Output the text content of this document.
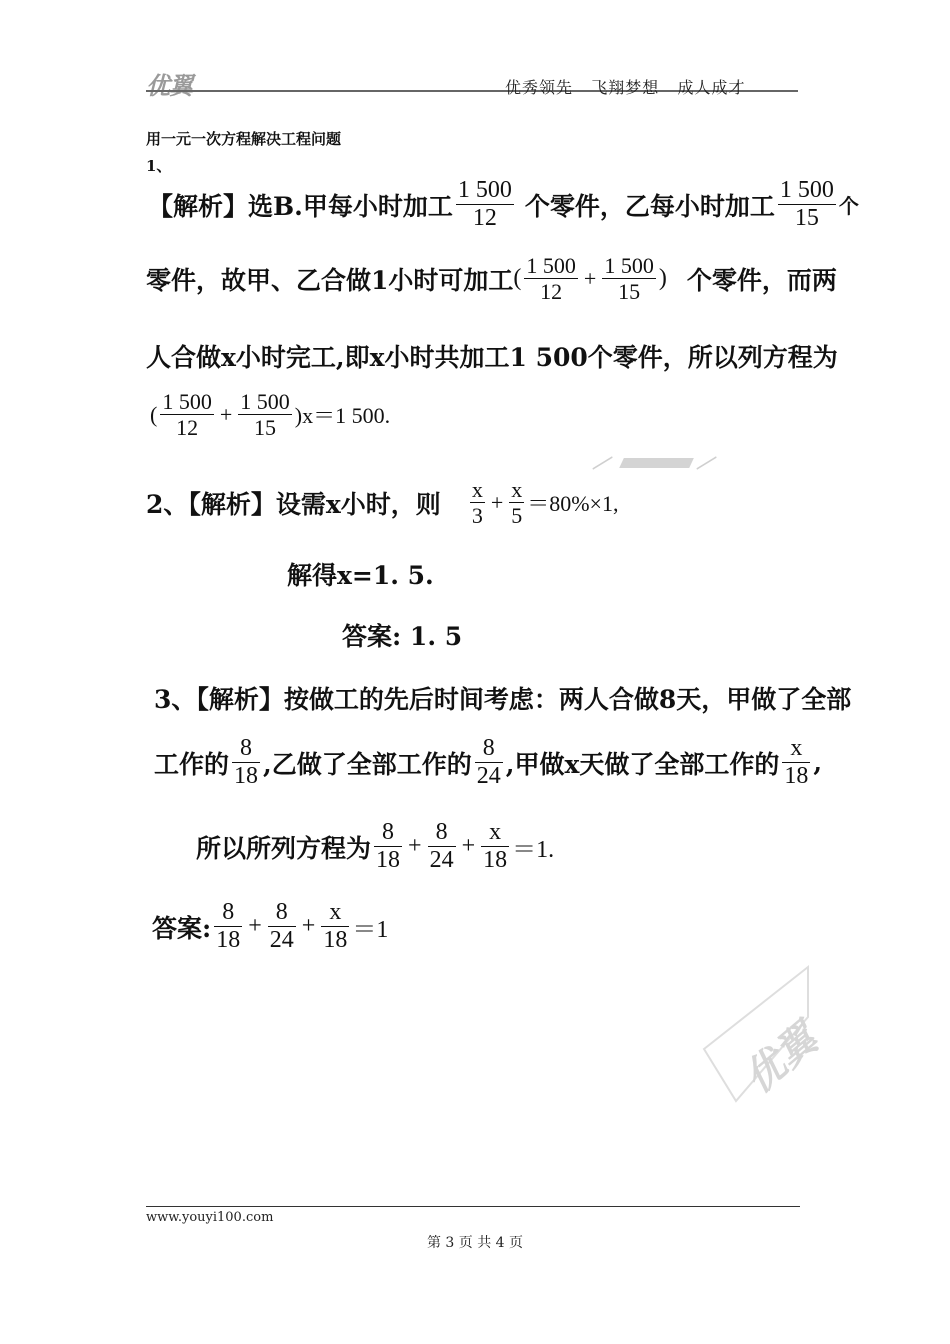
优翼	优秀领先   飞翔梦想   成人成才
用一元一次方程解决工程问题
1、
【解析】选B.甲每小时加工 $\frac{1 500}{12}$ 个零件，乙每小时加工 $\frac{1 500}{15}$ 个
零件，故甲、乙合做1小时可加工 ( $\frac{1 500}{12} + \frac{1 500}{15}$ ) 个零件，而两
人合做x小时完工,即x小时共加工1 500个零件，所以列方程为
( $\frac{1 500}{12} + \frac{1 500}{15} )x=1$ 500.
2、【解析】设需x小时，则 $\frac{x}{3} + \frac{x}{5} =80\%\times 1$,
解得x=1. 5.
答案: 1. 5
3、【解析】按做工的先后时间考虑：两人合做8天，甲做了全部
工作的 $\frac{8}{18}$ ,乙做了全部工作的 $\frac{8}{24}$ ,甲做x天做了全部工作的 $\frac{x}{18}$ ,
所以所列方程为 $\frac{8}{18} + \frac{8}{24} + \frac{x}{18} =1$.
答案: $\frac{8}{18} + \frac{8}{24} + \frac{x}{18} =1$
优翼
www.youyi100.com
第 3 页 共 4 页
